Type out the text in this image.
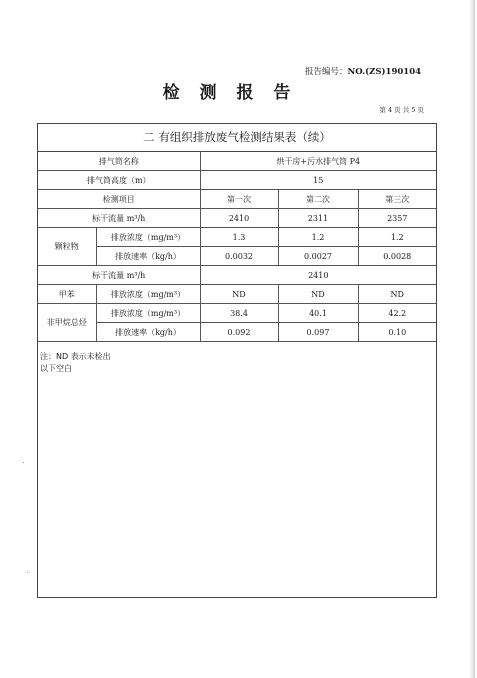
报告编号：NO.(ZS)190104
检 测 报 告
第 4 页 共 5 页
二 有组织排放废气检测结果表（续）
排气筒名称		烘干房+污水排气筒 P4		
排气筒高度（m）		15		
检测项目		第一次	第二次	第三次
标干流量 m³/h		2410	2311	2357
颗粒物	排放浓度（mg/m³）	1.3	1.2	1.2
	排放速率（kg/h）	0.0032	0.0027	0.0028
标干流量 m³/h		2410		
甲苯	排放浓度（mg/m³）	ND	ND	ND
非甲烷总烃	排放浓度（mg/m³）	38.4	40.1	42.2
	排放速率（kg/h）	0.092	0.097	0.10
注：ND 表示未检出
以下空白
